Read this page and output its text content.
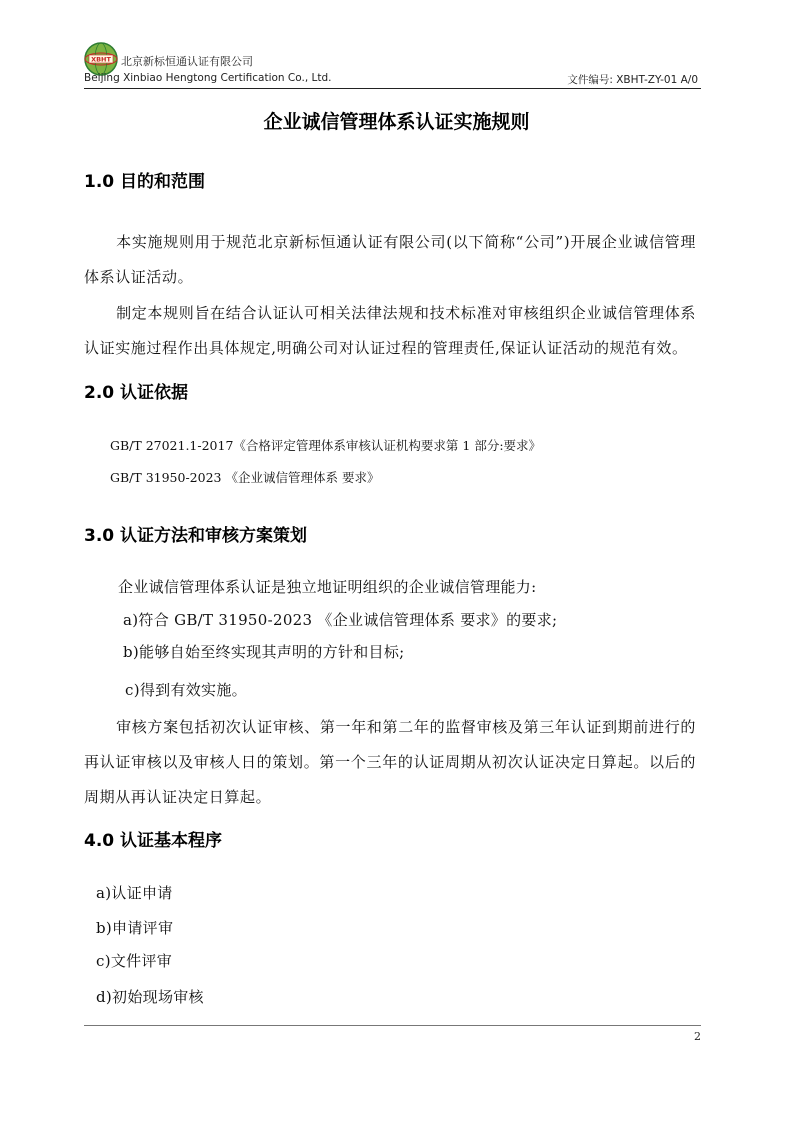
XBHT 北京新标恒通认证有限公司
Beijing Xinbiao Hengtong Certification Co., Ltd.	文件编号: XBHT-ZY-01 A/0
企业诚信管理体系认证实施规则
1.0 目的和范围
本实施规则用于规范北京新标恒通认证有限公司(以下简称“公司”)开展企业诚信管理体系认证活动。
制定本规则旨在结合认证认可相关法律法规和技术标准对审核组织企业诚信管理体系认证实施过程作出具体规定,明确公司对认证过程的管理责任,保证认证活动的规范有效。
2.0 认证依据
GB/T 27021.1-2017《合格评定管理体系审核认证机构要求第 1 部分:要求》
GB/T 31950-2023 《企业诚信管理体系 要求》
3.0 认证方法和审核方案策划
企业诚信管理体系认证是独立地证明组织的企业诚信管理能力:
a)符合 GB/T 31950-2023 《企业诚信管理体系 要求》的要求;
b)能够自始至终实现其声明的方针和目标;
c)得到有效实施。
审核方案包括初次认证审核、第一年和第二年的监督审核及第三年认证到期前进行的再认证审核以及审核人日的策划。第一个三年的认证周期从初次认证决定日算起。以后的周期从再认证决定日算起。
4.0 认证基本程序
a)认证申请
b)申请评审
c)文件评审
d)初始现场审核
2
